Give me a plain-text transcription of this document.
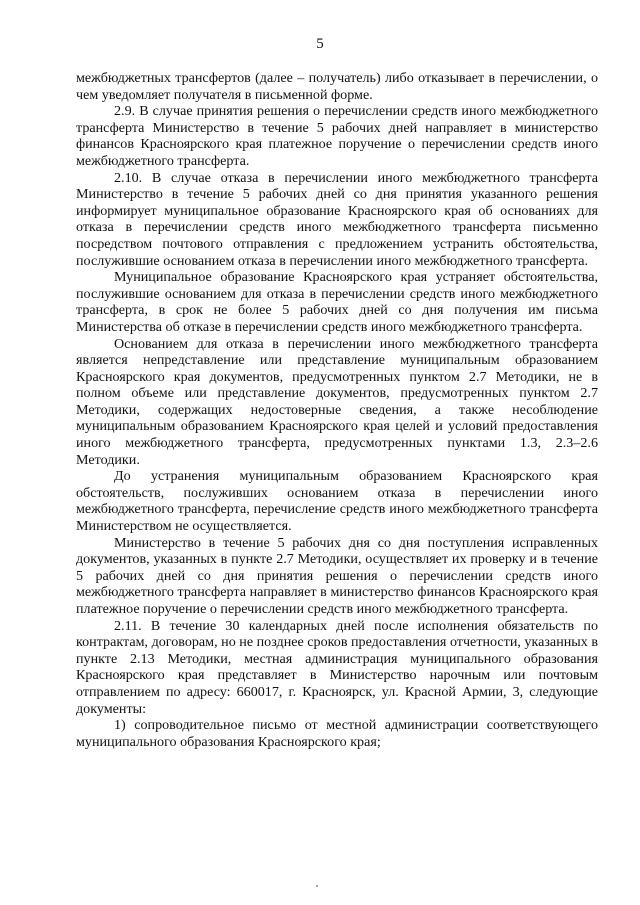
5

межбюджетных трансфертов (далее – получатель) либо отказывает в перечислении, о чем уведомляет получателя в письменной форме.

2.9. В случае принятия решения о перечислении средств иного межбюджетного трансферта Министерство в течение 5 рабочих дней направляет в министерство финансов Красноярского края платежное поручение о перечислении средств иного межбюджетного трансферта.

2.10. В случае отказа в перечислении иного межбюджетного трансферта Министерство в течение 5 рабочих дней со дня принятия указанного решения информирует муниципальное образование Красноярского края об основаниях для отказа в перечислении средств иного межбюджетного трансферта письменно посредством почтового отправления с предложением устранить обстоятельства, послужившие основанием отказа в перечислении иного межбюджетного трансферта.

Муниципальное образование Красноярского края устраняет обстоятельства, послужившие основанием для отказа в перечислении средств иного межбюджетного трансферта, в срок не более 5 рабочих дней со дня получения им письма Министерства об отказе в перечислении средств иного межбюджетного трансферта.

Основанием для отказа в перечислении иного межбюджетного трансферта является непредставление или представление муниципальным образованием Красноярского края документов, предусмотренных пунктом 2.7 Методики, не в полном объеме или представление документов, предусмотренных пунктом 2.7 Методики, содержащих недостоверные сведения, а также несоблюдение муниципальным образованием Красноярского края целей и условий предоставления иного межбюджетного трансферта, предусмотренных пунктами 1.3, 2.3–2.6 Методики.

До устранения муниципальным образованием Красноярского края обстоятельств, послуживших основанием отказа в перечислении иного межбюджетного трансферта, перечисление средств иного межбюджетного трансферта Министерством не осуществляется.

Министерство в течение 5 рабочих дня со дня поступления исправленных документов, указанных в пункте 2.7 Методики, осуществляет их проверку и в течение 5 рабочих дней со дня принятия решения о перечислении средств иного межбюджетного трансферта направляет в министерство финансов Красноярского края платежное поручение о перечислении средств иного межбюджетного трансферта.

2.11. В течение 30 календарных дней после исполнения обязательств по контрактам, договорам, но не позднее сроков предоставления отчетности, указанных в пункте 2.13 Методики, местная администрация муниципального образования Красноярского края представляет в Министерство нарочным или почтовым отправлением по адресу: 660017, г. Красноярск, ул. Красной Армии, 3, следующие документы:

1) сопроводительное письмо от местной администрации соответствующего муниципального образования Красноярского края;
